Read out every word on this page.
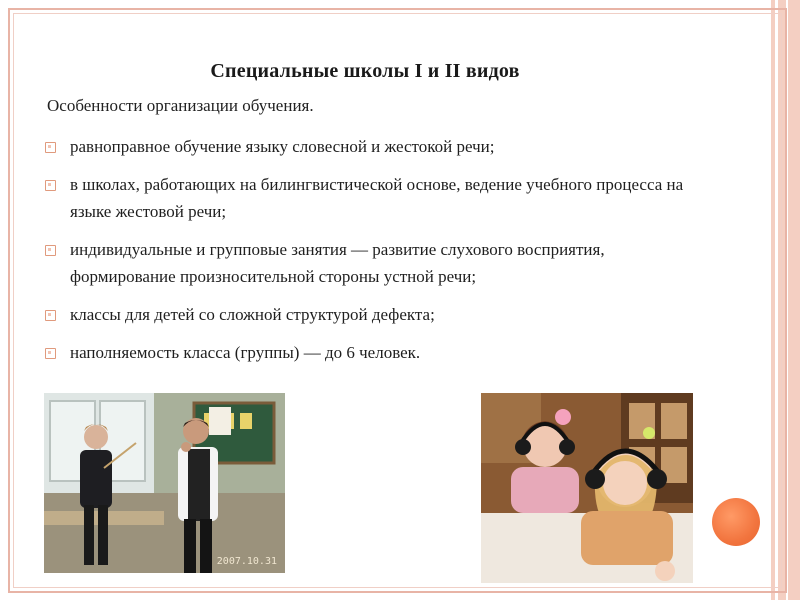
Специальные школы I и II видов
Особенности организации обучения.
равноправное обучение языку словесной и жестокой речи;
в школах, работающих на билингвистической основе, ведение учебного процесса на языке жестовой речи;
индивидуальные и групповые занятия — развитие слухового восприятия, формирование произносительной стороны устной речи;
классы для детей со сложной структурой дефекта;
наполняемость класса (группы) — до 6 человек.
2007.10.31
